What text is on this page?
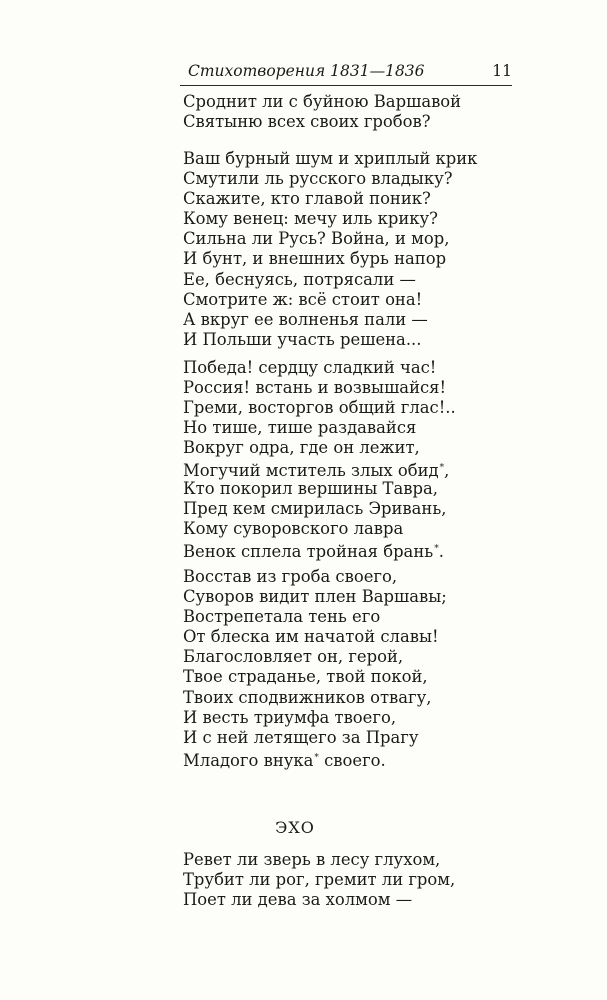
Стихотворения 1831—1836	11
Сроднит ли с буйною Варшавой
Святыню всех своих гробов?
Ваш бурный шум и хриплый крик
Смутили ль русского владыку?
Скажите, кто главой поник?
Кому венец: мечу иль крику?
Сильна ли Русь? Война, и мор,
И бунт, и внешних бурь напор
Ее, беснуясь, потрясали —
Смотрите ж: всё стоит она!
А вкруг ее волненья пали —
И Польши участь решена...
Победа! сердцу сладкий час!
Россия! встань и возвышайся!
Греми, восторгов общий глас!..
Но тише, тише раздавайся
Вокруг одра, где он лежит,
Могучий мститель злых обид*,
Кто покорил вершины Тавра,
Пред кем смирилась Эривань,
Кому суворовского лавра
Венок сплела тройная брань*.
Восстав из гроба своего,
Суворов видит плен Варшавы;
Вострепетала тень его
От блеска им начатой славы!
Благословляет он, герой,
Твое страданье, твой покой,
Твоих сподвижников отвагу,
И весть триумфа твоего,
И с ней летящего за Прагу
Младого внука* своего.
ЭХО
Ревет ли зверь в лесу глухом,
Трубит ли рог, гремит ли гром,
Поет ли дева за холмом —
